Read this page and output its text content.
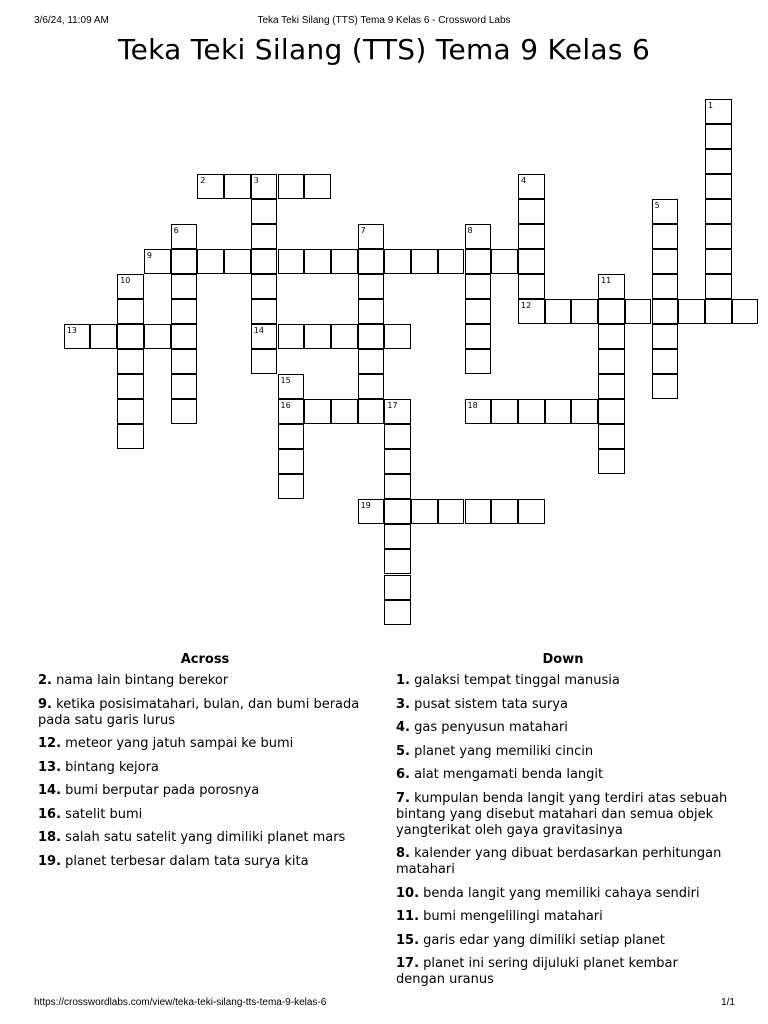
3/6/24, 11:09 AM	Teka Teki Silang (TTS) Tema 9 Kelas 6 - Crossword Labs
Teka Teki Silang (TTS) Tema 9 Kelas 6
2	3
9
12
13	14
16	17	18
19
1
4
5
6	7	8
10	11
15
Across	Down
2. nama lain bintang berekor
9. ketika posisimatahari, bulan, dan bumi berada pada satu garis lurus
12. meteor yang jatuh sampai ke bumi
13. bintang kejora
14. bumi berputar pada porosnya
16. satelit bumi
18. salah satu satelit yang dimiliki planet mars
19. planet terbesar dalam tata surya kita
1. galaksi tempat tinggal manusia
3. pusat sistem tata surya
4. gas penyusun matahari
5. planet yang memiliki cincin
6. alat mengamati benda langit
7. kumpulan benda langit yang terdiri atas sebuah bintang yang disebut matahari dan semua objek yangterikat oleh gaya gravitasinya
8. kalender yang dibuat berdasarkan perhitungan matahari
10. benda langit yang memiliki cahaya sendiri
11. bumi mengelilingi matahari
15. garis edar yang dimiliki setiap planet
17. planet ini sering dijuluki planet kembar dengan uranus
https://crosswordlabs.com/view/teka-teki-silang-tts-tema-9-kelas-6	1/1
